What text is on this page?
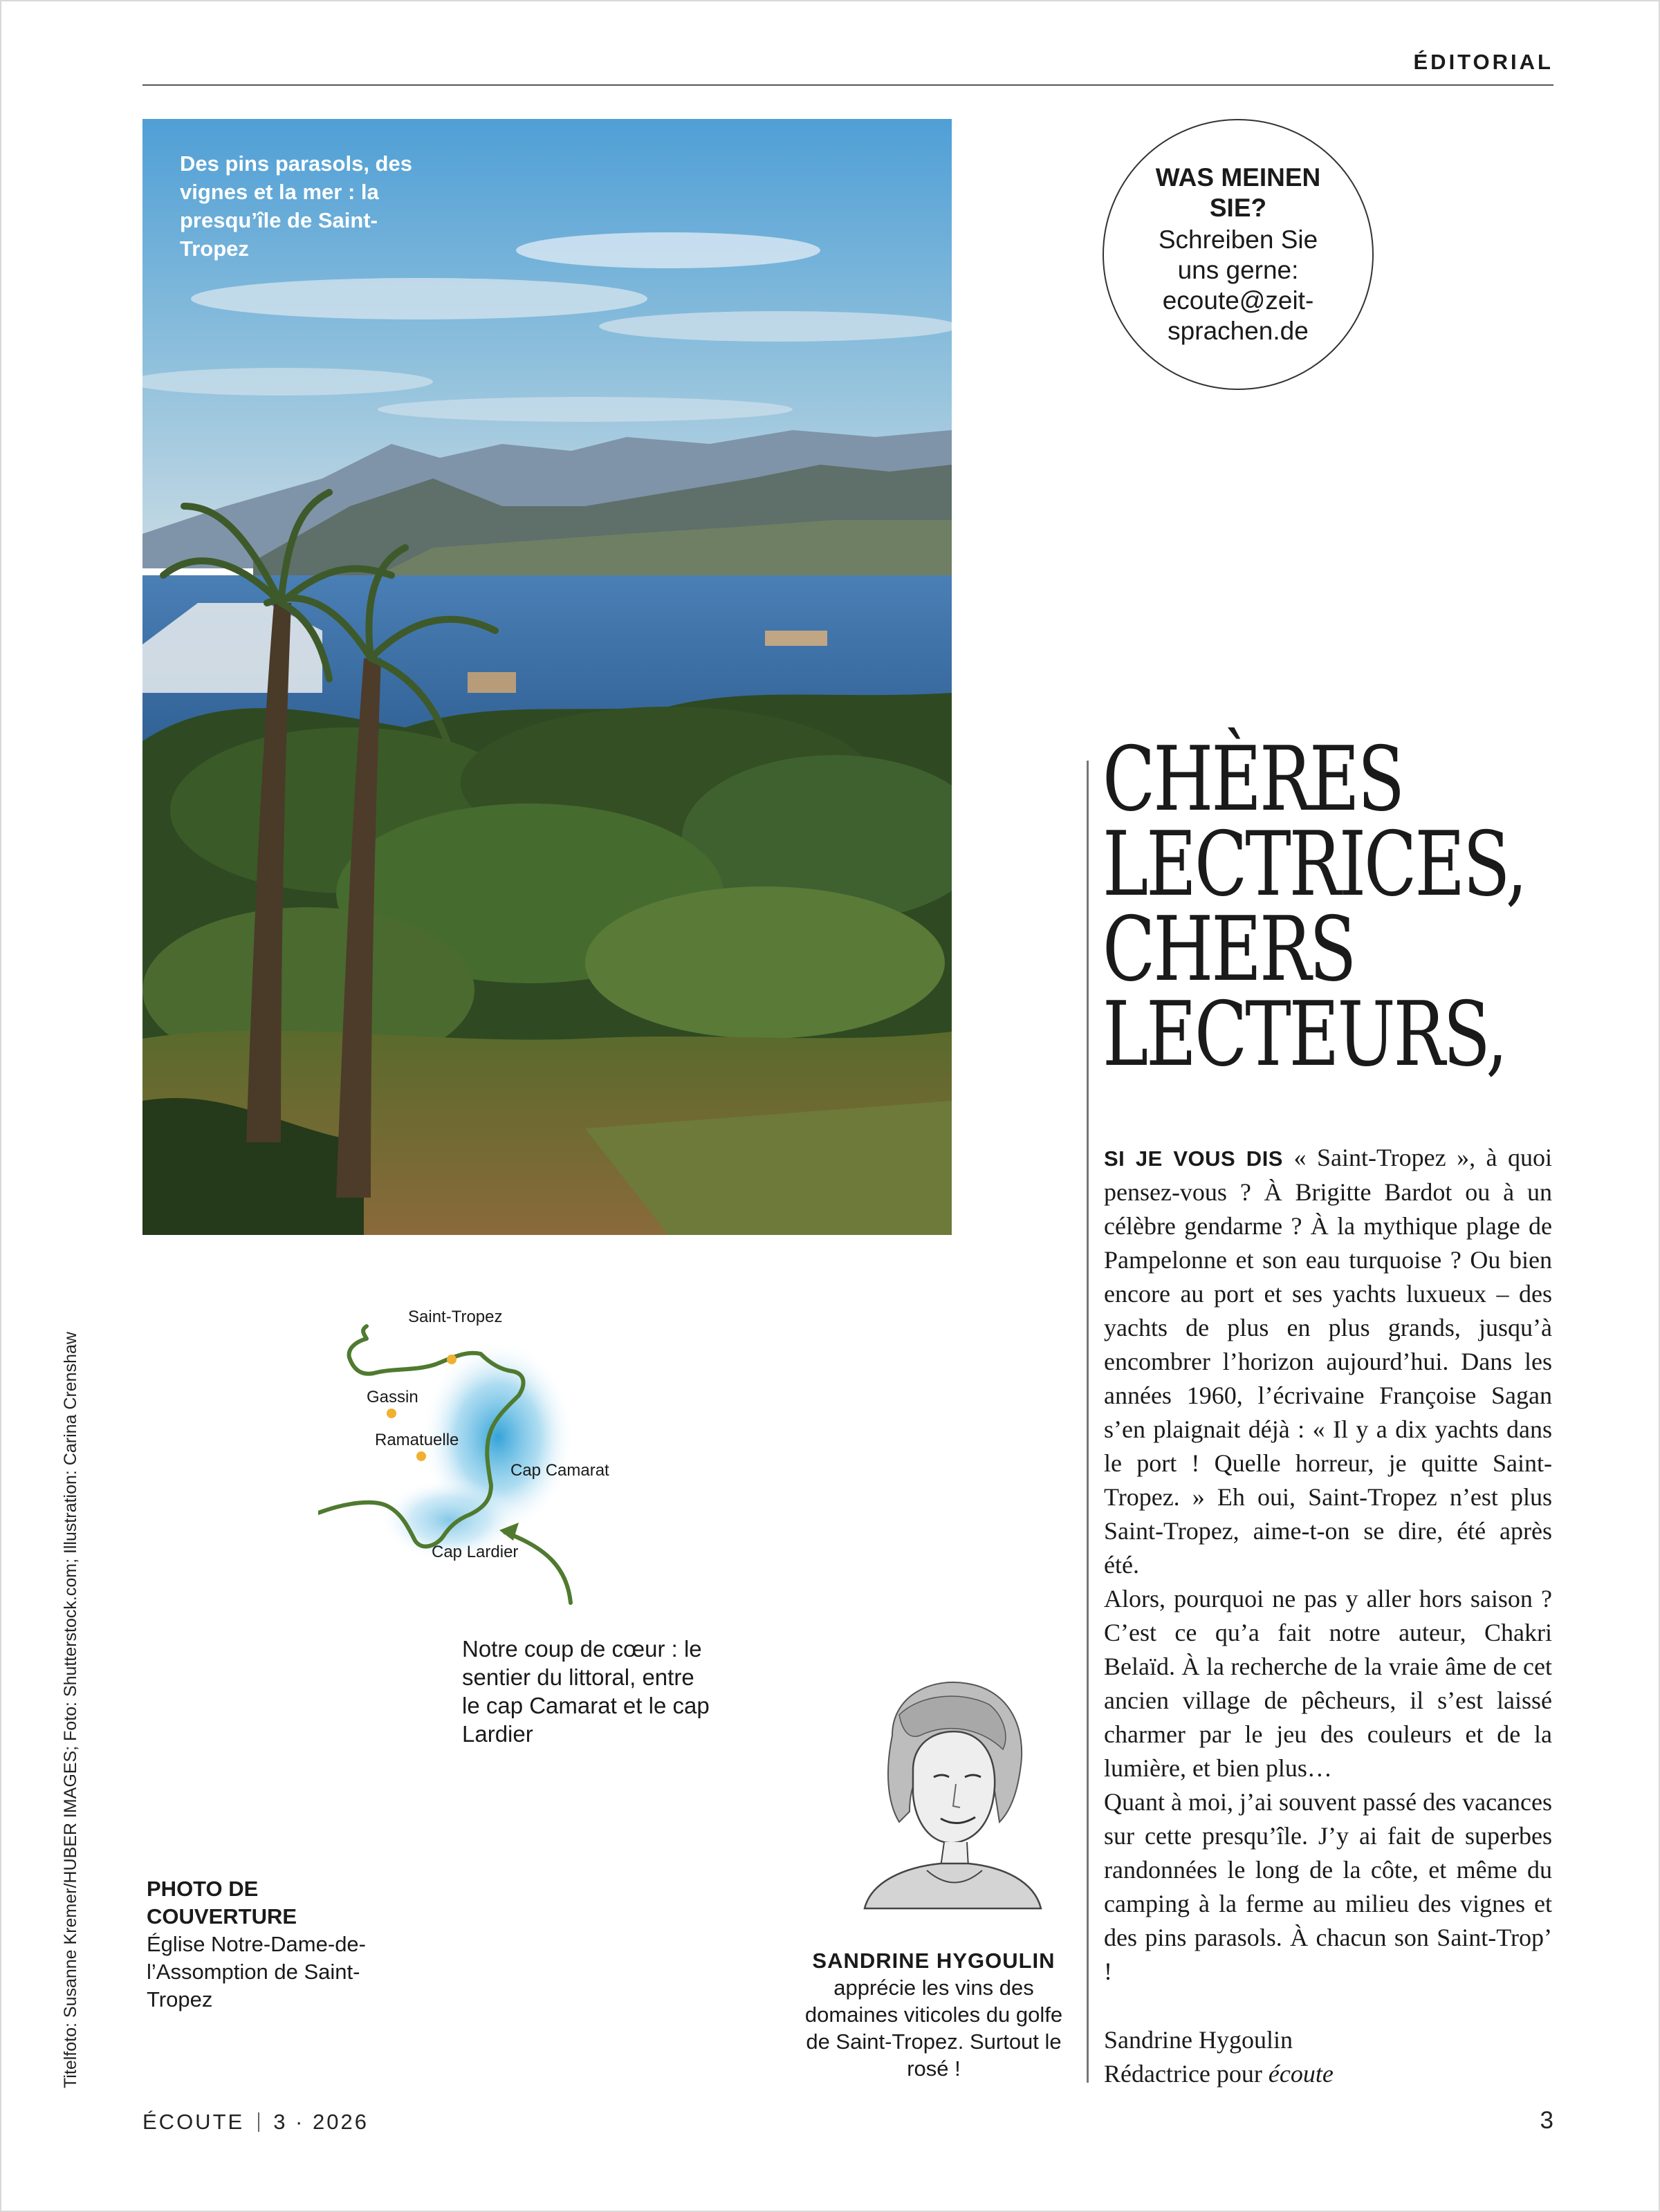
ÉDITORIAL
Des pins parasols, des vignes et la mer : la presqu’île de Saint-Tropez
WAS MEINEN SIE?
Schreiben Sie uns gerne: ecoute@zeit-sprachen.de
CHÈRES
LECTRICES,
CHERS
LECTEURS,

SI JE VOUS DIS « Saint-Tropez », à quoi pensez-vous ? À Brigitte Bardot ou à un célèbre gendarme ? À la mythique plage de Pampelonne et son eau turquoise ? Ou bien encore au port et ses yachts luxueux – des yachts de plus en plus grands, jusqu’à encombrer l’horizon aujourd’hui. Dans les années 1960, l’écrivaine Françoise Sagan s’en plaignait déjà : « Il y a dix yachts dans le port ! Quelle horreur, je quitte Saint-Tropez. » Eh oui, Saint-Tropez n’est plus Saint-Tropez, aime-t-on se dire, été après été.

Alors, pourquoi ne pas y aller hors saison ? C’est ce qu’a fait notre auteur, Chakri Belaïd. À la recherche de la vraie âme de cet ancien village de pêcheurs, il s’est laissé charmer par le jeu des couleurs et de la lumière, et bien plus…

Quant à moi, j’ai souvent passé des vacances sur cette presqu’île. J’y ai fait de superbes randonnées le long de la côte, et même du camping à la ferme au milieu des vignes et des pins parasols. À chacun son Saint-Trop’ !

Sandrine Hygoulin
Rédactrice pour écoute
Saint-Tropez
Gassin
Ramatuelle
Cap Camarat
Cap Lardier
Notre coup de cœur : le sentier du littoral, entre le cap Camarat et le cap Lardier
PHOTO DE COUVERTURE
Église Notre-Dame-de-l’Assomption de Saint-Tropez
SANDRINE HYGOULIN
apprécie les vins des domaines viticoles du golfe de Saint-Tropez. Surtout le rosé !
Titelfoto: Susanne Kremer/HUBER IMAGES; Foto: Shutterstock.com; Illustration: Carina Crenshaw
ÉCOUTE 3 · 2026	3
